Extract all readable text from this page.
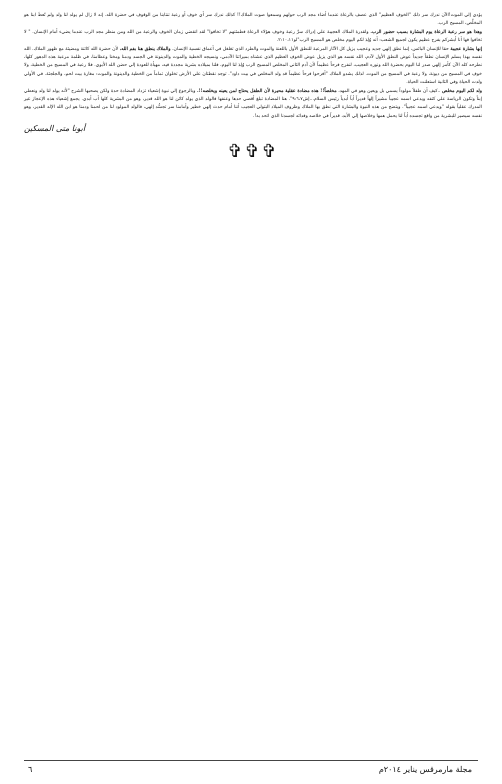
يؤدي إلي الموت!الآن ندرك سر ذلك "الخوف العظيم" الذي عصف بالرعاة عندما أضاء مجد الرب حولهم وسمعوا صوت الملاك!! كذلك ندرك سر أي خوف أو رعبة تنتابنا من الوقوف في حضرة الله. إنه لا زال لم يولد لنا ولد ولم نُعطَ ابنا هو المخلِّص، المسيح الرب.

وهذا هو سر رعبة الرعاة يوم البشارة بسبب حضور الرب. ولقدرة الملاك العجيبة علي إدراك سرِّ رعبة وخوف هؤلاء الرعاة فطمئنهم "لا تخافوا" لقد انقضي زمان الخوف والرعبة من الله ومن منظر مجد الرب عندما يضيء أمام الإنسان. " لا تخافوا فها أنا أبشركم بفرح عظيم يكون لجميع الشعب: أنه وُلِدَ لكم اليوم مخلص هو المسيح الرب"لو٢:١٠،١١.

إنها بشارة عجيبة حقا للإنسان البائس، إنما نطق إلهي جديد وعجيب يزيل كل الآثار المرعبة للنطق الأول باللعنة والموت والطرد الذي تغلغل في أعماق نفسية الإنسان. والملاك ينطق هنا بفم الله، لأن حضرة الله كائنة ومضيئة مع ظهور الملاك. الله نفسه بهذا يسلم الإنسان نطقاً جديداً عوض النطق الأول لآدم، الله نفسه هو الذي يزيل عوض الخوف العظيم الذي عشناه بميراثنا الآدمي، ونسيجه الخطية والموت والدينونة في الجسد ودمنا ومخنا وعظامنا، في ظلمة مرعبة هذه الدهور كلها، نطرحه كله الآن كأمر إلهي صدر لنا اليوم بحضرة الله ونوره العجيب، لنفرح فرحاً عظيماً لأن آدم الثاني المخلص المسيح الرب وُلِدَ لنا اليوم، فلنا بميلاده بشرية مجددة فيه، مهيأة للعودة إلي حضن الله الأبوي. فلا رعبة في المسيح من الخطية، ولا خوف في المسيح من ديونة، ولا رعبة في المسيح من الموت. لذلك يشدو الملاك "أفرحوا فرحاً عظيماً قد ولد المخلص في بيت داود". توجد نقطتان علي الأرض تخلوان تماماً من الخطية والدينونة والموت: مغارة بيت لحم، والجلجثة. في الأولي ولدت الحياة وفي الثانية استعلنت الحياة.

ولد لكم اليوم مخلص ..كيف أن طفلاً مولوداً يسمي بل ويعين وهو في المهد، مخلصاً!! هذه مضادة عقلية محيرة لأن الطفل يحتاج لمن يعينه ويخلصه!!. وبالرجوع إلي نبوة إشعياء تزداد المضادة حدة ولكن يصحبها الشرح "لأنه يولد لنا ولد ونعطي إبناً وتكون الرياسة علي كتفه ويدعي اسمه عجيباً مشيراً إلهاً قديراً أباً أبدياً رئيس السلام...إش٩:٦،٧". هنا المضادة تبلغ أقصي حدها وعنفها فالولد الذي يولد كائن لنا هو الله قدير، وهو من البشرية كلها أب أبدي. يجمع إشعياء هذه الإعجاز غير المدرك عقلياً بقوله "ويدعي اسمه عجيباً". ويتضح من هذه النبوة والبشارة التي نطق بها الملاك وظروف الميلاد البتولي العجيب أننا أمام حدث إلهي خطير وأمامنا سر تجسُّد إلهي، فالولد المولود لنا من لحمنا ودمنا هو ابن الله الإله القدير، وهو نفسه سيصير للبشرية من واقع تجسده أباً لنا يحمل همها وخلاصها إلي الأبد، قديراً في خلاصه وفدائه لجسدنا الذي اتحد به!.

أبونا متى المسكين
✞✞✞
مجلة مارمرقس يناير ٢٠١٤م
٦
